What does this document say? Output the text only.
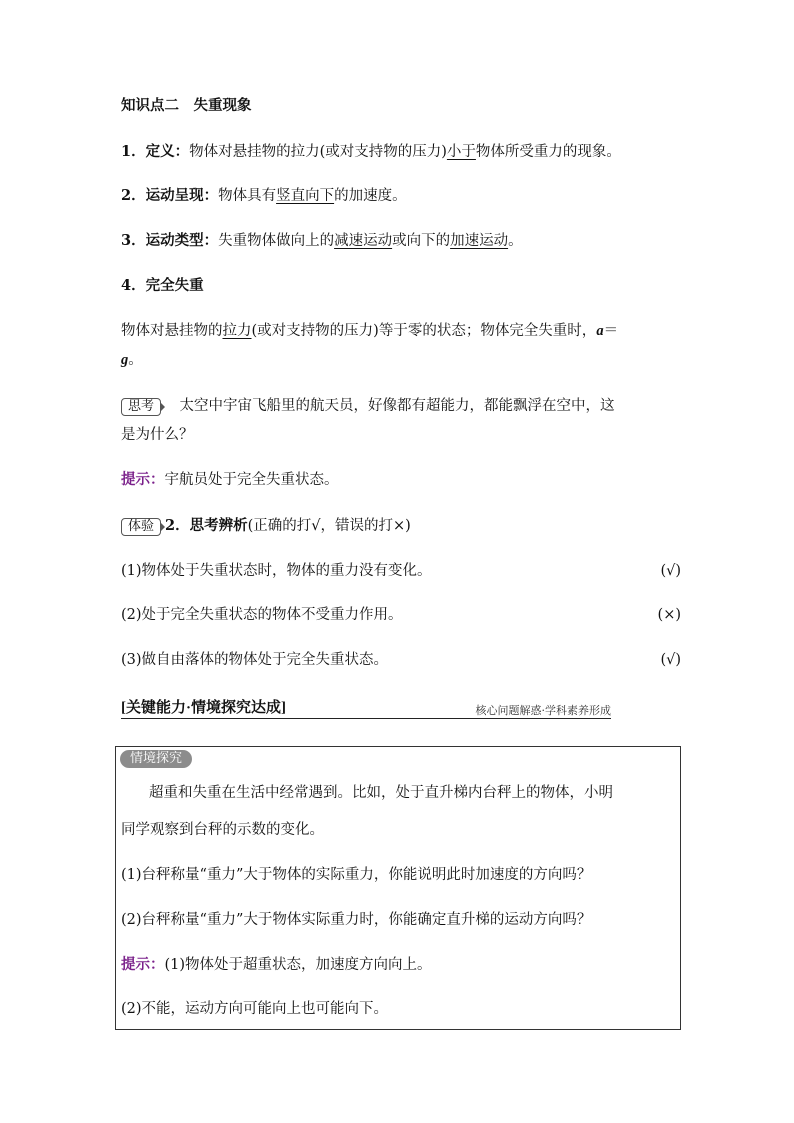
知识点二　失重现象
1．定义：物体对悬挂物的拉力(或对支持物的压力)小于物体所受重力的现象。
2．运动呈现：物体具有竖直向下的加速度。
3．运动类型：失重物体做向上的减速运动或向下的加速运动。
4．完全失重
物体对悬挂物的拉力(或对支持物的压力)等于零的状态；物体完全失重时，a＝
g。
思考　 太空中宇宙飞船里的航天员，好像都有超能力，都能飘浮在空中，这
是为什么？
提示：宇航员处于完全失重状态。
体验 2．思考辨析(正确的打√，错误的打×)
(1)物体处于失重状态时，物体的重力没有变化。	(√)
(2)处于完全失重状态的物体不受重力作用。	(×)
(3)做自由落体的物体处于完全失重状态。	(√)
[关键能力·情境探究达成]	核心问题解惑·学科素养形成
情境探究
超重和失重在生活中经常遇到。比如，处于直升梯内台秤上的物体，小明
同学观察到台秤的示数的变化。
(1)台秤称量“重力”大于物体的实际重力，你能说明此时加速度的方向吗？
(2)台秤称量“重力”大于物体实际重力时，你能确定直升梯的运动方向吗？
提示：(1)物体处于超重状态，加速度方向向上。
(2)不能，运动方向可能向上也可能向下。
